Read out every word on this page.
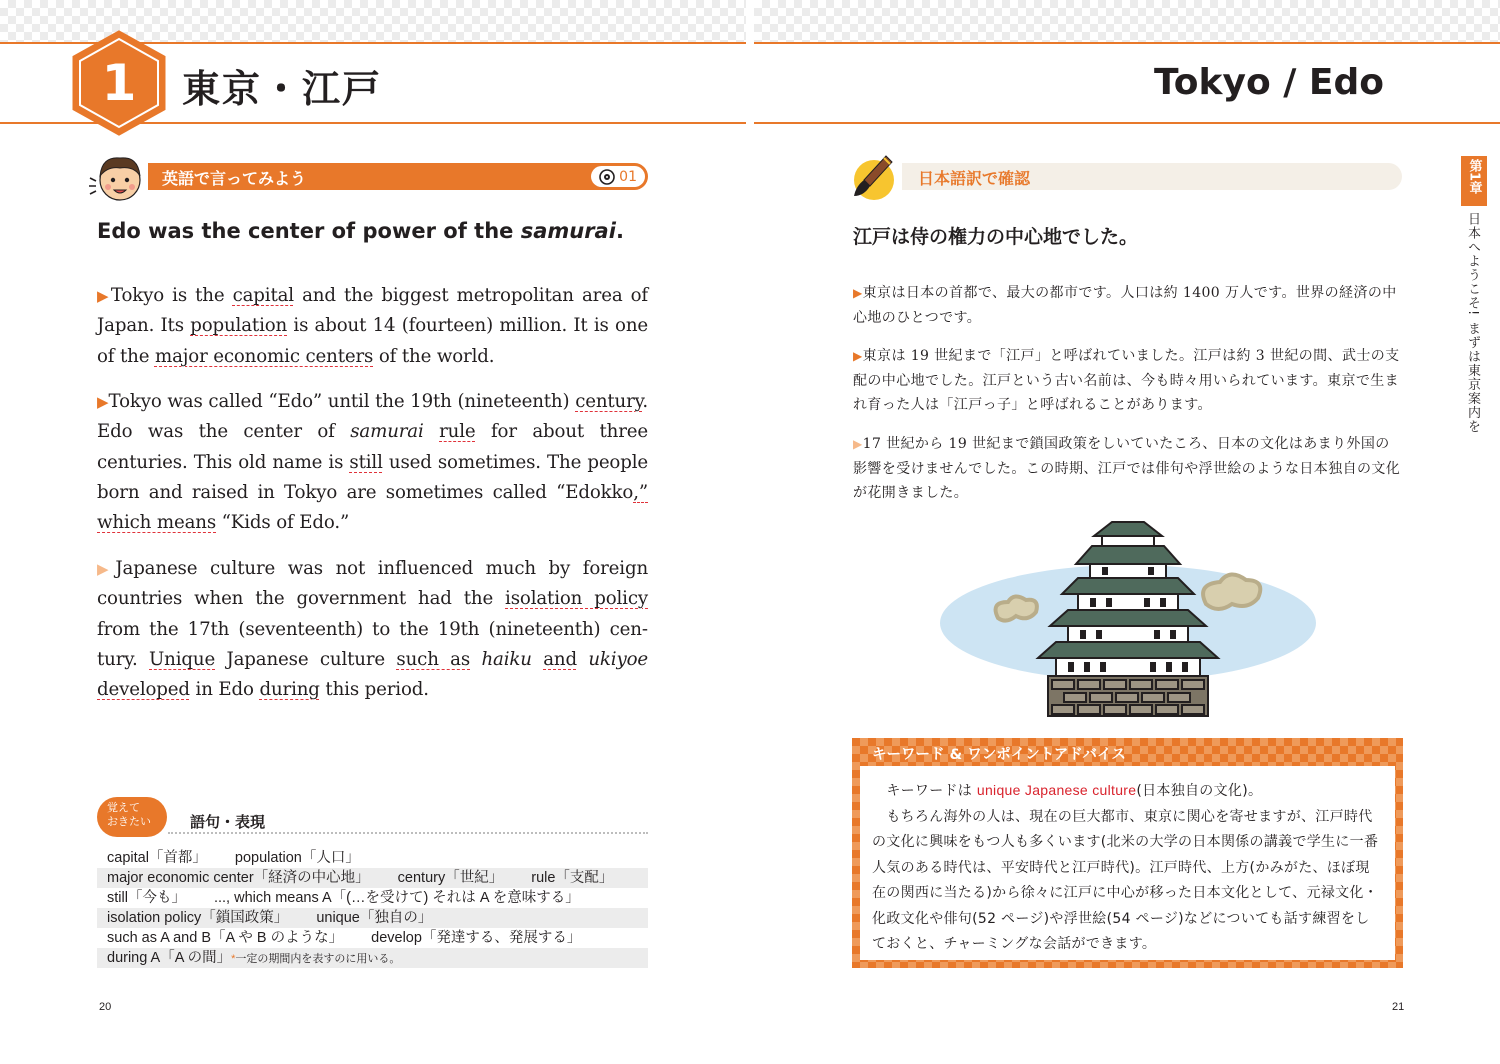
1	東京・江戸	Tokyo / Edo
英語で言ってみよう	01
Edo was the center of power of the samurai.
▶Tokyo is the capital and the biggest metropolitan area of Japan. Its population is about 14 (fourteen) million. It is one of the major economic centers of the world.
▶Tokyo was called “Edo” until the 19th (nineteenth) century. Edo was the center of samurai rule for about three centuries. This old name is still used sometimes. The people born and raised in Tokyo are sometimes called “Edokko,” which means “Kids of Edo.”
▶Japanese culture was not influenced much by foreign countries when the government had the isolation policy from the 17th (seventeenth) to the 19th (nineteenth) century. Unique Japanese culture such as haiku and ukiyoe developed in Edo during this period.
覚えて
おきたい	語句・表現
capital「首都」 population「人口」
major economic center「経済の中心地」 century「世紀」 rule「支配」
still「今も」 ..., which means A「(…を受けて) それは A を意味する」
isolation policy「鎖国政策」 unique「独自の」
such as A and B「A や B のような」 develop「発達する、発展する」
during A「A の間」*一定の期間内を表すのに用いる。
20
日本語訳で確認
江戸は侍の権力の中心地でした。
▶東京は日本の首都で、最大の都市です。人口は約 1400 万人です。世界の経済の中心地のひとつです。
▶東京は 19 世紀まで「江戸」と呼ばれていました。江戸は約 3 世紀の間、武士の支配の中心地でした。江戸という古い名前は、今も時々用いられています。東京で生まれ育った人は「江戸っ子」と呼ばれることがあります。
▶17 世紀から 19 世紀まで鎖国政策をしいていたころ、日本の文化はあまり外国の影響を受けませんでした。この時期、江戸では俳句や浮世絵のような日本独自の文化が花開きました。
キーワード & ワンポイントアドバイス
　キーワードは unique Japanese culture(日本独自の文化)。
　もちろん海外の人は、現在の巨大都市、東京に関心を寄せますが、江戸時代の文化に興味をもつ人も多くいます(北米の大学の日本関係の講義で学生に一番人気のある時代は、平安時代と江戸時代)。江戸時代、上方(かみがた、ほぼ現在の関西に当たる)から徐々に江戸に中心が移った日本文化として、元禄文化・化政文化や俳句(52 ページ)や浮世絵(54 ページ)などについても話す練習をしておくと、チャーミングな会話ができます。
21
第1章
日本へようこそ! まずは東京案内を
